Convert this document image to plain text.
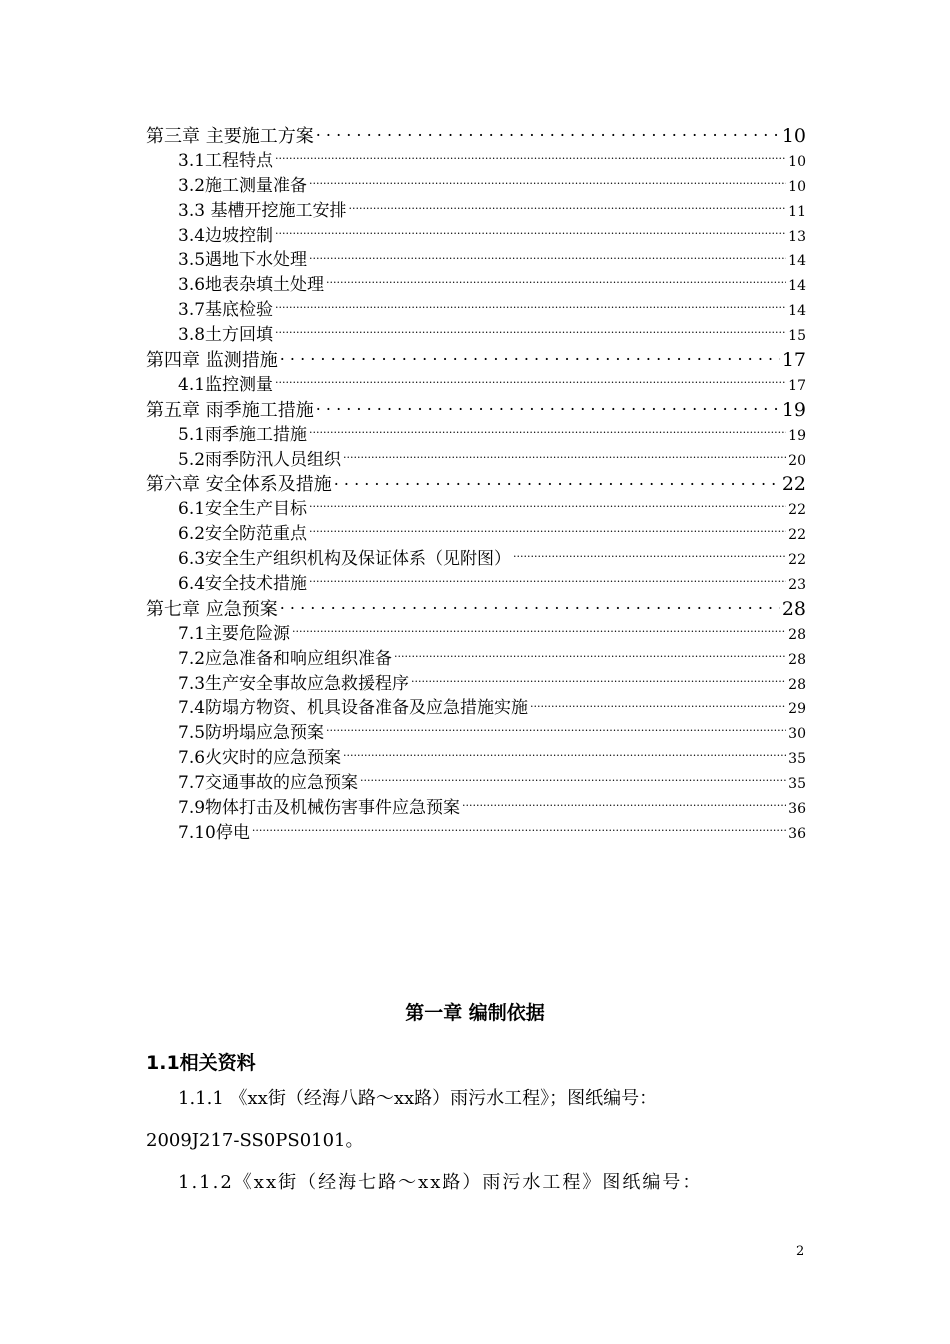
第三章 主要施工方案 . . .	10
3.1工程特点 .....	10
3.2施工测量准备 .....	10
3.3 基槽开挖施工安排 .....	11
3.4边坡控制 .....	13
3.5遇地下水处理 .....	14
3.6地表杂填土处理 .....	14
3.7基底检验 .....	14
3.8土方回填 .....	15
第四章 监测措施 . . .	17
4.1监控测量 .....	17
第五章 雨季施工措施 . . .	19
5.1雨季施工措施 .....	19
5.2雨季防汛人员组织 .....	20
第六章 安全体系及措施 . . .	22
6.1安全生产目标 .....	22
6.2安全防范重点 .....	22
6.3安全生产组织机构及保证体系（见附图） .....	22
6.4安全技术措施 .....	23
第七章 应急预案 . . .	28
7.1主要危险源 .....	28
7.2应急准备和响应组织准备 .....	28
7.3生产安全事故应急救援程序 .....	28
7.4防塌方物资、机具设备准备及应急措施实施 .....	29
7.5防坍塌应急预案 .....	30
7.6火灾时的应急预案 .....	35
7.7交通事故的应急预案 .....	35
7.9物体打击及机械伤害事件应急预案 .....	36
7.10停电 .....	36
第一章 编制依据
1.1相关资料
1.1.1 《xx街（经海八路～xx路）雨污水工程》；图纸编号：
2009J217-SS0PS0101。
1.1.2《xx街（经海七路～xx路）雨污水工程》图纸编号：
2
